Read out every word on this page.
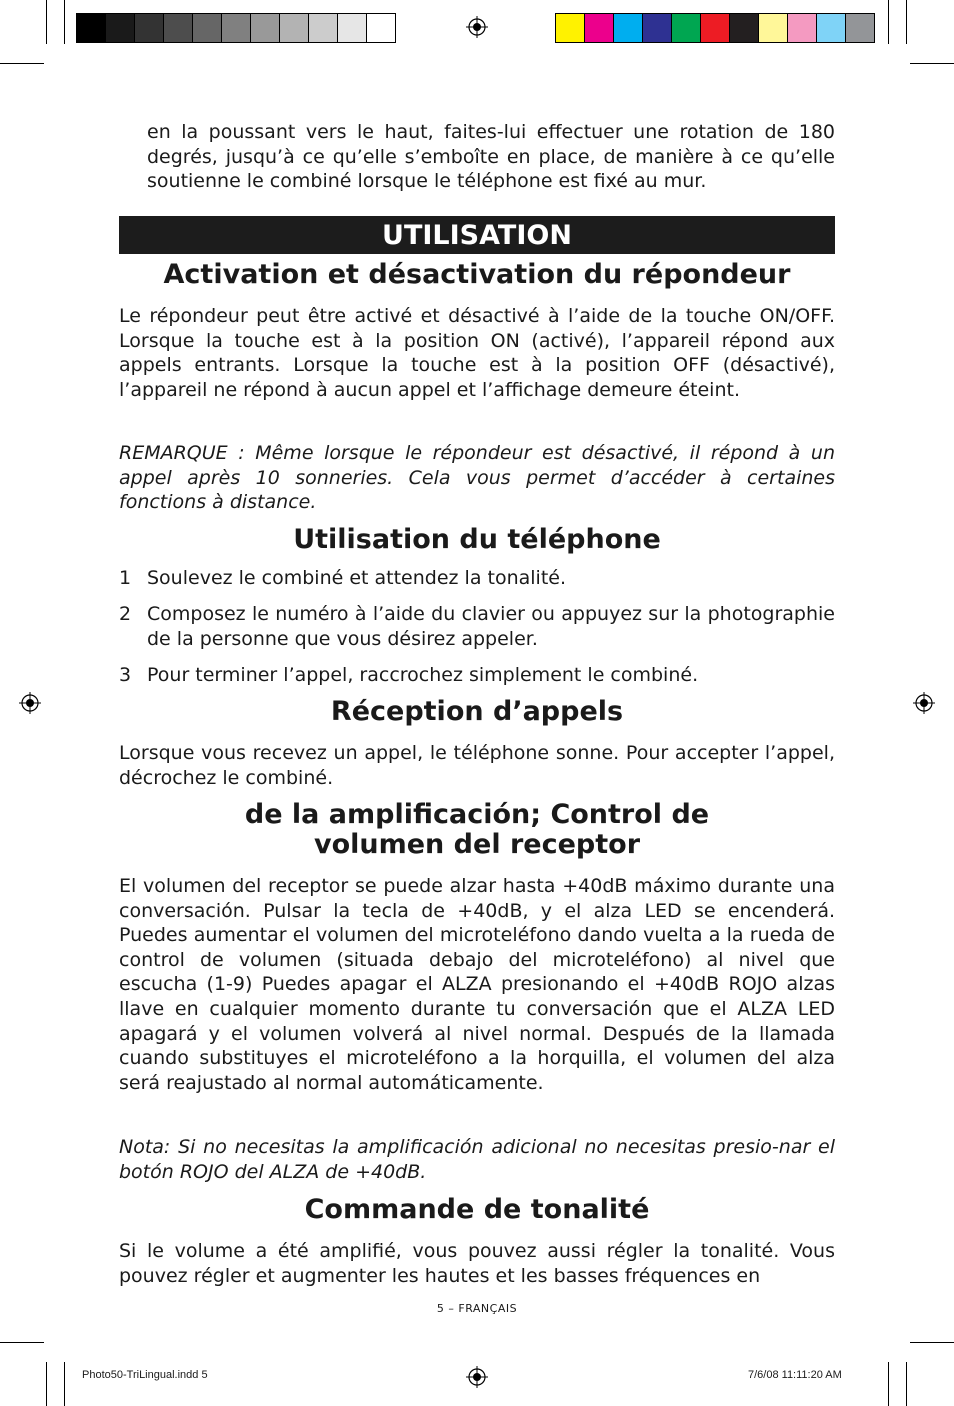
en la poussant vers le haut, faites-lui effectuer une rotation de 180 degrés, jusqu’à ce qu’elle s’emboîte en place, de manière à ce qu’elle soutienne le combiné lorsque le téléphone est fixé au mur.
UTILISATION
Activation et désactivation du répondeur
Le répondeur peut être activé et désactivé à l’aide de la touche ON/OFF. Lorsque la touche est à la position ON (activé), l’appareil répond aux appels entrants. Lorsque la touche est à la position OFF (désactivé), l’appareil ne répond à aucun appel et l’affichage demeure éteint.
REMARQUE : Même lorsque le répondeur est désactivé, il répond à un appel après 10 sonneries. Cela vous permet d’accéder à certaines fonctions à distance.
Utilisation du téléphone
1 Soulevez le combiné et attendez la tonalité.
2 Composez le numéro à l’aide du clavier ou appuyez sur la photographie de la personne que vous désirez appeler.
3 Pour terminer l’appel, raccrochez simplement le combiné.
Réception d’appels
Lorsque vous recevez un appel, le téléphone sonne. Pour accepter l’appel, décrochez le combiné.
de la amplificación; Control de volumen del receptor
El volumen del receptor se puede alzar hasta +40dB máximo durante una conversación. Pulsar la tecla de +40dB, y el alza LED se encenderá. Puedes aumentar el volumen del microteléfono dando vuelta a la rueda de control de volumen (situada debajo del microteléfono) al nivel que escucha (1-9) Puedes apagar el ALZA presionando el +40dB ROJO alzas llave en cualquier momento durante tu conversación que el ALZA LED apagará y el volumen volverá al nivel normal. Después de la llamada cuando substituyes el microteléfono a la horquilla, el volumen del alza será reajustado al normal automáticamente.
Nota: Si no necesitas la amplificación adicional no necesitas presio-nar el botón ROJO del ALZA de +40dB.
Commande de tonalité
Si le volume a été amplifié, vous pouvez aussi régler la tonalité. Vous pouvez régler et augmenter les hautes et les basses fréquences en
5 – FRANÇAIS
Photo50-TriLingual.indd 5	7/6/08 11:11:20 AM
